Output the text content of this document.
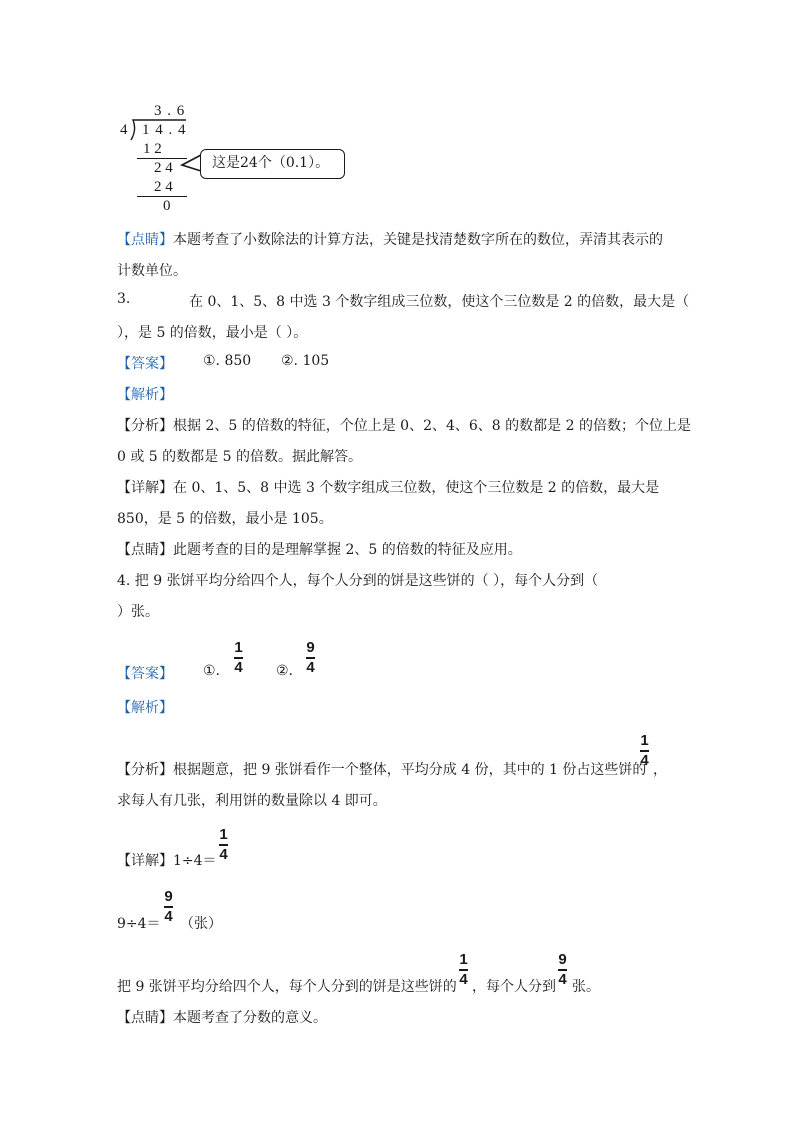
3 . 6
4 1 4 . 4
1 2
2 4
2 4
0
这是24个（0.1）。
【点睛】本题考查了小数除法的计算方法，关键是找清楚数字所在的数位，弄清其表示的
计数单位。
3.	在 0、1、5、8 中选 3 个数字组成三位数，使这个三位数是 2 的倍数，最大是（
），是 5 的倍数，最小是（ ）。
【答案】 ①. 850 ②. 105
【解析】
【分析】根据 2、5 的倍数的特征，个位上是 0、2、4、6、8 的数都是 2 的倍数；个位上是
0 或 5 的数都是 5 的倍数。据此解答。
【详解】在 0、1、5、8 中选 3 个数字组成三位数，使这个三位数是 2 的倍数，最大是
850，是 5 的倍数，最小是 105。
【点睛】此题考查的目的是理解掌握 2、5 的倍数的特征及应用。
4. 把 9 张饼平均分给四个人，每个人分到的饼是这些饼的（ ），每个人分到（
）张。
【答案】 ①.
1
4 ②.
9
4
【解析】
【分析】根据题意，把 9 张饼看作一个整体，平均分成 4 份，其中的 1 份占这些饼的
1
4
，
求每人有几张，利用饼的数量除以 4 即可。
【详解】1÷4＝
1
4
9÷4＝
9
4 （张）
把 9 张饼平均分给四个人，每个人分到的饼是这些饼的
1
4 ，每个人分到
9
4 张。
【点睛】本题考查了分数的意义。
